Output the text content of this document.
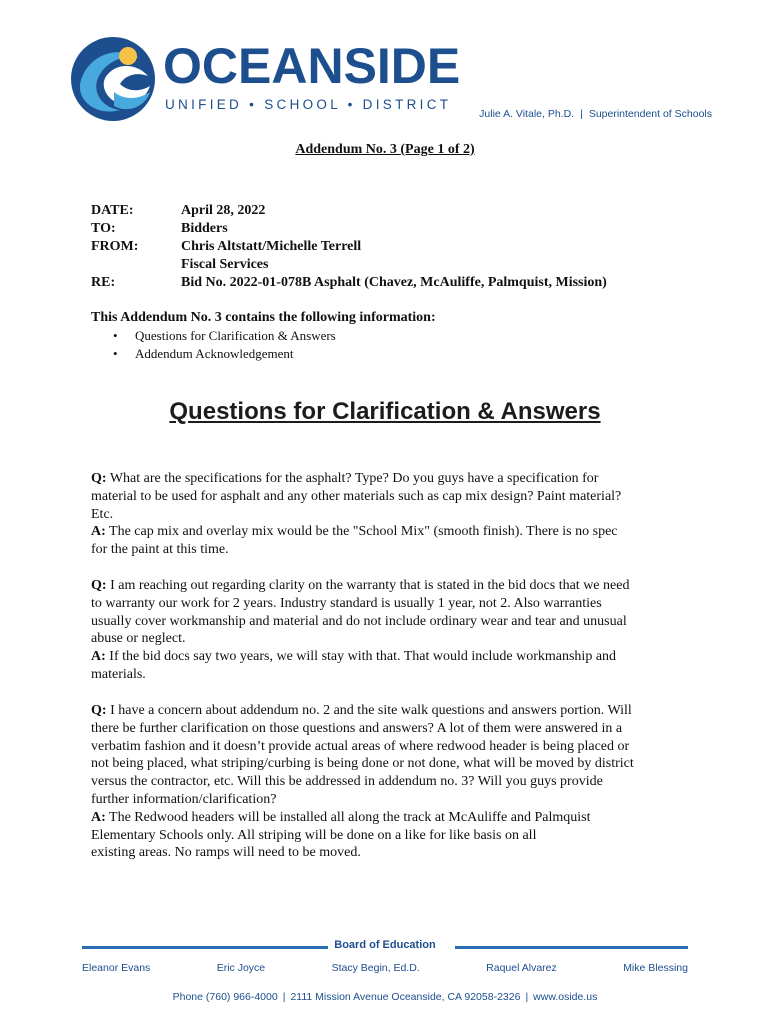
OCEANSIDE
UNIFIED • SCHOOL • DISTRICT
Julie A. Vitale, Ph.D. | Superintendent of Schools
Addendum No. 3 (Page 1 of 2)
DATE:	April 28, 2022
TO:	Bidders
FROM:	Chris Altstatt/Michelle Terrell
Fiscal Services
RE:	Bid No. 2022-01-078B Asphalt (Chavez, McAuliffe, Palmquist, Mission)
This Addendum No. 3 contains the following information:
• Questions for Clarification & Answers
• Addendum Acknowledgement
Questions for Clarification & Answers

Q: What are the specifications for the asphalt? Type? Do you guys have a specification for

material to be used for asphalt and any other materials such as cap mix design? Paint material?

Etc.

A: The cap mix and overlay mix would be the "School Mix" (smooth finish). There is no spec

for the paint at this time.

Q: I am reaching out regarding clarity on the warranty that is stated in the bid docs that we need

to warranty our work for 2 years. Industry standard is usually 1 year, not 2. Also warranties

usually cover workmanship and material and do not include ordinary wear and tear and unusual

abuse or neglect.

A: If the bid docs say two years, we will stay with that. That would include workmanship and

materials.

Q: I have a concern about addendum no. 2 and the site walk questions and answers portion. Will

there be further clarification on those questions and answers? A lot of them were answered in a

verbatim fashion and it doesn’t provide actual areas of where redwood header is being placed or

not being placed, what striping/curbing is being done or not done, what will be moved by district

versus the contractor, etc. Will this be addressed in addendum no. 3? Will you guys provide

further information/clarification?

A: The Redwood headers will be installed all along the track at McAuliffe and Palmquist

Elementary Schools only. All striping will be done on a like for like basis on all

existing areas. No ramps will need to be moved.

Board of Education
Eleanor Evans	Eric Joyce	Stacy Begin, Ed.D.	Raquel Alvarez	Mike Blessing
Phone (760) 966-4000 | 2111 Mission Avenue Oceanside, CA 92058-2326 | www.oside.us
